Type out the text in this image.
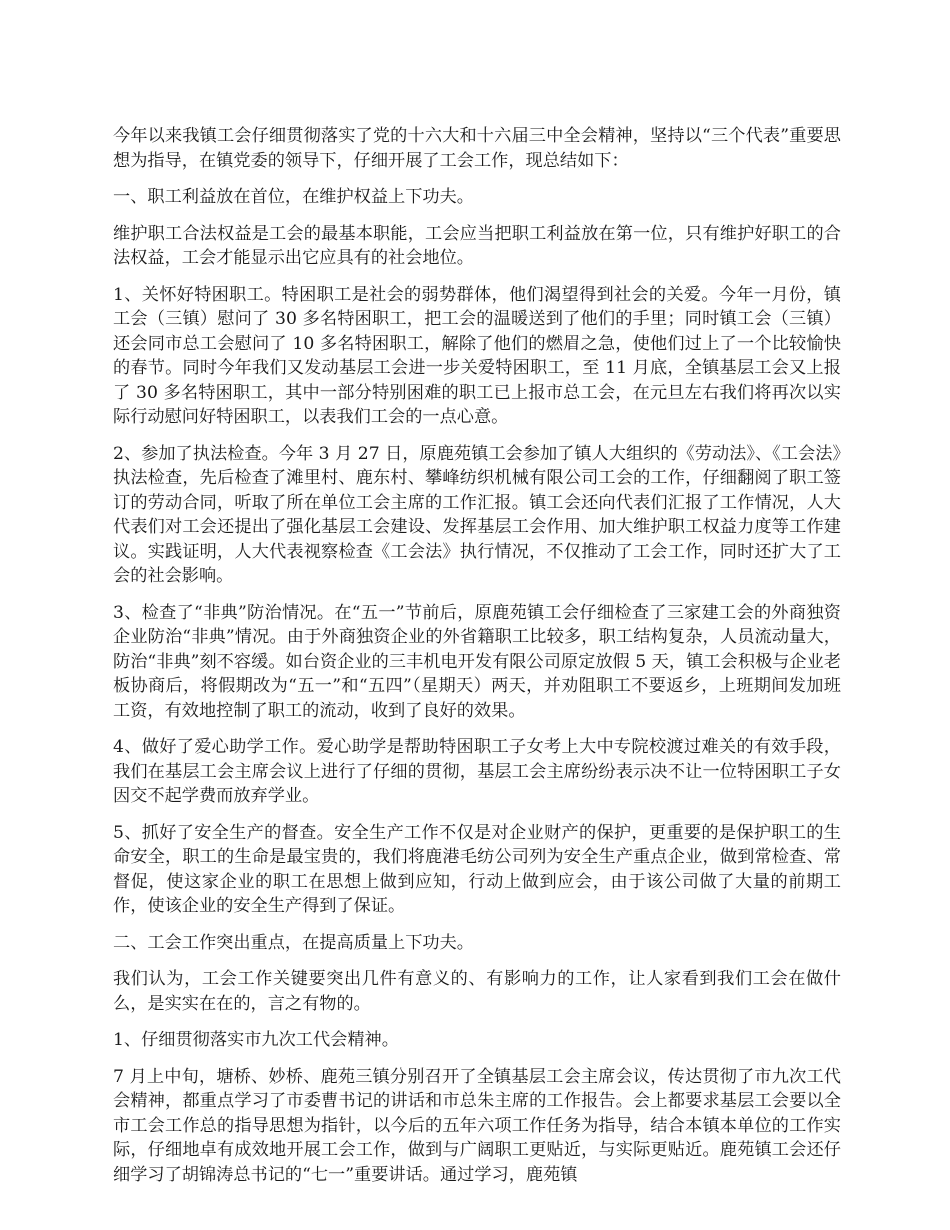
今年以来我镇工会仔细贯彻落实了党的十六大和十六届三中全会精神，坚持以“三个代表”重要思想为指导，在镇党委的领导下，仔细开展了工会工作，现总结如下：

一、职工利益放在首位，在维护权益上下功夫。

维护职工合法权益是工会的最基本职能，工会应当把职工利益放在第一位，只有维护好职工的合法权益，工会才能显示出它应具有的社会地位。

1、关怀好特困职工。特困职工是社会的弱势群体，他们渴望得到社会的关爱。今年一月份，镇工会（三镇）慰问了 30 多名特困职工，把工会的温暖送到了他们的手里；同时镇工会（三镇）还会同市总工会慰问了 10 多名特困职工，解除了他们的燃眉之急，使他们过上了一个比较愉快的春节。同时今年我们又发动基层工会进一步关爱特困职工，至 11 月底，全镇基层工会又上报了 30 多名特困职工，其中一部分特别困难的职工已上报市总工会，在元旦左右我们将再次以实际行动慰问好特困职工，以表我们工会的一点心意。

2、参加了执法检查。今年 3 月 27 日，原鹿苑镇工会参加了镇人大组织的《劳动法》、《工会法》执法检查，先后检查了滩里村、鹿东村、攀峰纺织机械有限公司工会的工作，仔细翻阅了职工签订的劳动合同，听取了所在单位工会主席的工作汇报。镇工会还向代表们汇报了工作情况，人大代表们对工会还提出了强化基层工会建设、发挥基层工会作用、加大维护职工权益力度等工作建议。实践证明，人大代表视察检查《工会法》执行情况，不仅推动了工会工作，同时还扩大了工会的社会影响。

3、检查了“非典”防治情况。在“五一”节前后，原鹿苑镇工会仔细检查了三家建工会的外商独资企业防治“非典”情况。由于外商独资企业的外省籍职工比较多，职工结构复杂，人员流动量大，防治“非典”刻不容缓。如台资企业的三丰机电开发有限公司原定放假 5 天，镇工会积极与企业老板协商后，将假期改为“五一”和“五四”（星期天）两天，并劝阻职工不要返乡，上班期间发加班工资，有效地控制了职工的流动，收到了良好的效果。

4、做好了爱心助学工作。爱心助学是帮助特困职工子女考上大中专院校渡过难关的有效手段，我们在基层工会主席会议上进行了仔细的贯彻，基层工会主席纷纷表示决不让一位特困职工子女因交不起学费而放弃学业。

5、抓好了安全生产的督查。安全生产工作不仅是对企业财产的保护，更重要的是保护职工的生命安全，职工的生命是最宝贵的，我们将鹿港毛纺公司列为安全生产重点企业，做到常检查、常督促，使这家企业的职工在思想上做到应知，行动上做到应会，由于该公司做了大量的前期工作，使该企业的安全生产得到了保证。

二、工会工作突出重点，在提高质量上下功夫。

我们认为，工会工作关键要突出几件有意义的、有影响力的工作，让人家看到我们工会在做什么，是实实在在的，言之有物的。

1、仔细贯彻落实市九次工代会精神。

7 月上中旬，塘桥、妙桥、鹿苑三镇分别召开了全镇基层工会主席会议，传达贯彻了市九次工代会精神，都重点学习了市委曹书记的讲话和市总朱主席的工作报告。会上都要求基层工会要以全市工会工作总的指导思想为指针，以今后的五年六项工作任务为指导，结合本镇本单位的工作实际，仔细地卓有成效地开展工会工作，做到与广阔职工更贴近，与实际更贴近。鹿苑镇工会还仔细学习了胡锦涛总书记的“七一”重要讲话。通过学习，鹿苑镇
